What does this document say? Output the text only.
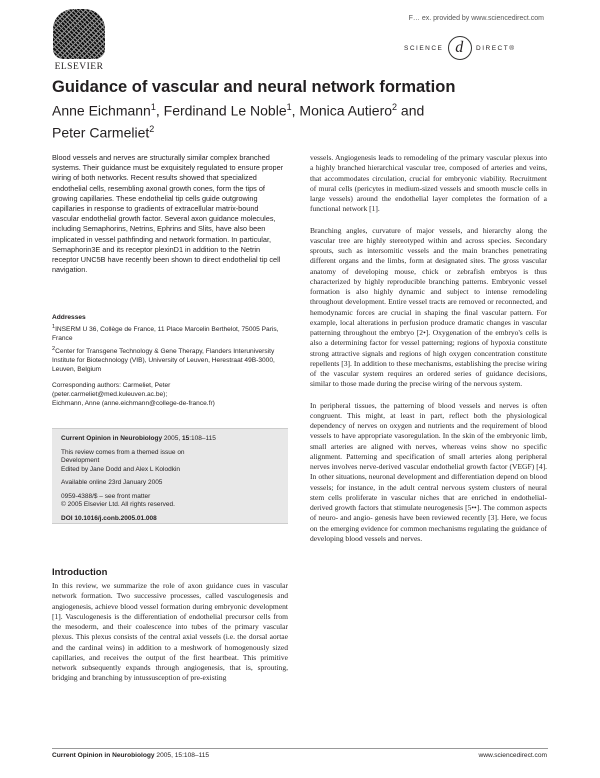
ELSEVIER
F… ex. provided by www.sciencedirect.com
SCIENCE d	DIRECT®
Guidance of vascular and neural network formation
Anne Eichmann$^1$, Ferdinand Le Noble$^1$, Monica Autiero$^2$ and
Peter Carmeliet$^2$
Blood vessels and nerves are structurally similar complex branched systems. Their guidance must be exquisitely regulated to ensure proper wiring of both networks. Recent results showed that specialized endothelial cells, resembling axonal growth cones, form the tips of growing capillaries. These endothelial tip cells guide outgrowing capillaries in response to gradients of extracellular matrix-bound vascular endothelial growth factor. Several axon guidance molecules, including Semaphorins, Netrins, Ephrins and Slits, have also been implicated in vessel pathfinding and network formation. In particular, Semaphorin3E and its receptor plexinD1 in addition to the Netrin receptor UNC5B have recently been shown to direct endothelial tip cell navigation.
Addresses

$^1$INSERM U 36, Collège de France, 11 Place Marcelin Berthelot, 75005 Paris, France

$^2$Center for Transgene Technology & Gene Therapy, Flanders Interuniversity Institute for Biotechnology (VIB), University of Leuven, Herestraat 49B-3000, Leuven, Belgium

Corresponding authors: Carmeliet, Peter
(peter.carmeliet@med.kuleuven.ac.be);
Eichmann, Anne (anne.eichmann@college-de-france.fr)

Current Opinion in Neurobiology 2005, 15:108–115

This review comes from a themed issue on

Development

Edited by Jane Dodd and Alex L Kolodkin

Available online 23rd January 2005

0959-4388/$ – see front matter

© 2005 Elsevier Ltd. All rights reserved.

DOI 10.1016/j.conb.2005.01.008

Introduction

In this review, we summarize the role of axon guidance cues in vascular network formation. Two successive processes, called vasculogenesis and angiogenesis, achieve blood vessel formation during embryonic development [1]. Vasculogenesis is the differentiation of endothelial precursor cells from the mesoderm, and their coalescence into tubes of the primary vascular plexus. This plexus consists of the central axial vessels (i.e. the dorsal aortae and the cardinal veins) in addition to a meshwork of homogenously sized capillaries, and receives the output of the first heartbeat. This primitive network subsequently expands through angiogenesis, that is, sprouting, bridging and branching by intussusception of pre-existing

vessels. Angiogenesis leads to remodeling of the primary vascular plexus into a highly branched hierarchical vascular tree, composed of arteries and veins, that accommodates circulation, crucial for embryonic viability. Recruitment of mural cells (pericytes in medium-sized vessels and smooth muscle cells in large vessels) around the endothelial layer completes the formation of a functional network [1].

Branching angles, curvature of major vessels, and hierarchy along the vascular tree are highly stereotyped within and across species. Secondary sprouts, such as intersomitic vessels and the main branches penetrating different organs and the limbs, form at designated sites. The gross vascular anatomy of developing mouse, chick or zebrafish embryos is thus characterized by highly reproducible branching patterns. Embryonic vessel formation is also highly dynamic and subject to intense remodeling throughout development. Entire vessel tracts are removed or reconnected, and hemodynamic forces are crucial in shaping the final vascular pattern. For example, local alterations in perfusion produce dramatic changes in vascular patterning throughout the embryo [2•]. Oxygenation of the embryo's cells is also a determining factor for vessel patterning; regions of hypoxia constitute strong attractive signals and regions of high oxygen concentration constitute repellents [3]. In addition to these mechanisms, establishing the precise wiring of the vascular system requires an ordered series of guidance decisions, similar to those made during the precise wiring of the nervous system.

In peripheral tissues, the patterning of blood vessels and nerves is often congruent. This might, at least in part, reflect both the physiological dependency of nerves on oxygen and nutrients and the requirement of blood vessels to have appropriate vasoregulation. In the skin of the embryonic limb, small arteries are aligned with nerves, whereas veins show no specific alignment. Patterning and specification of small arteries along peripheral nerves involves nerve-derived vascular endothelial growth factor (VEGF) [4]. In other situations, neuronal development and differentiation depend on blood vessels; for instance, in the adult central nervous system clusters of neural stem cells proliferate in vascular niches that are enriched in endothelial-derived growth factors that stimulate neurogenesis [5••]. The common aspects of neuro- and angio- genesis have been reviewed recently [3]. Here, we focus on the emerging evidence for common mechanisms regulating the guidance of developing blood vessels and nerves.

Current Opinion in Neurobiology 2005, 15:108–115	www.sciencedirect.com
